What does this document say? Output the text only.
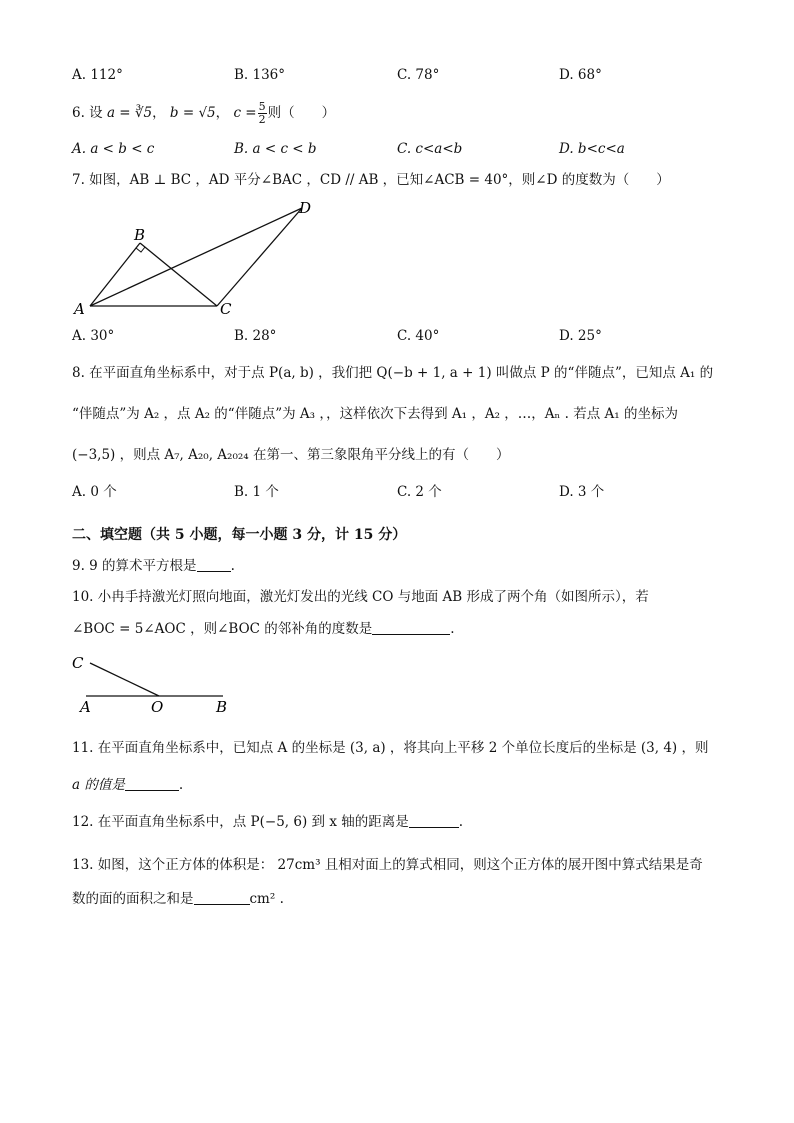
A. 112°	B. 136°	C. 78°	D. 68°
6. 设 a = ∛5， b = √5， $c = \frac{5}{2}$ 则（　　）
A. a < b < c	B. a < c < b	C. c<a<b	D. b<c<a
7. 如图，AB ⊥ BC ，AD 平分∠BAC ，CD // AB ，已知∠ACB = 40°，则∠D 的度数为（　　）
A
B
C
D
A. 30°	B. 28°	C. 40°	D. 25°
8. 在平面直角坐标系中，对于点 P(a, b) ，我们把 Q(−b + 1, a + 1) 叫做点 P 的“伴随点”，已知点 A₁ 的
“伴随点”为 A₂ ，点 A₂ 的“伴随点”为 A₃ ，，这样依次下去得到 A₁ ，A₂ ，…，Aₙ . 若点 A₁ 的坐标为
(−3,5) ，则点 A₇, A₂₀, A₂₀₂₄ 在第一、第三象限角平分线上的有（　　）
A. 0 个	B. 1 个	C. 2 个	D. 3 个
二、填空题（共 5 小题，每一小题 3 分，计 15 分）
9. 9 的算术平方根是	.
10. 小冉手持激光灯照向地面，激光灯发出的光线 CO 与地面 AB 形成了两个角（如图所示），若
∠BOC = 5∠AOC ，则∠BOC 的邻补角的度数是	.
C
A	O	B
11. 在平面直角坐标系中，已知点 A 的坐标是 (3, a) ，将其向上平移 2 个单位长度后的坐标是 (3, 4) ，则
a 的值是	.
12. 在平面直角坐标系中，点 P(−5, 6) 到 x 轴的距离是	.
13. 如图，这个正方体的体积是： 27cm³ 且相对面上的算式相同，则这个正方体的展开图中算式结果是奇
数的面的面积之和是	cm² .
